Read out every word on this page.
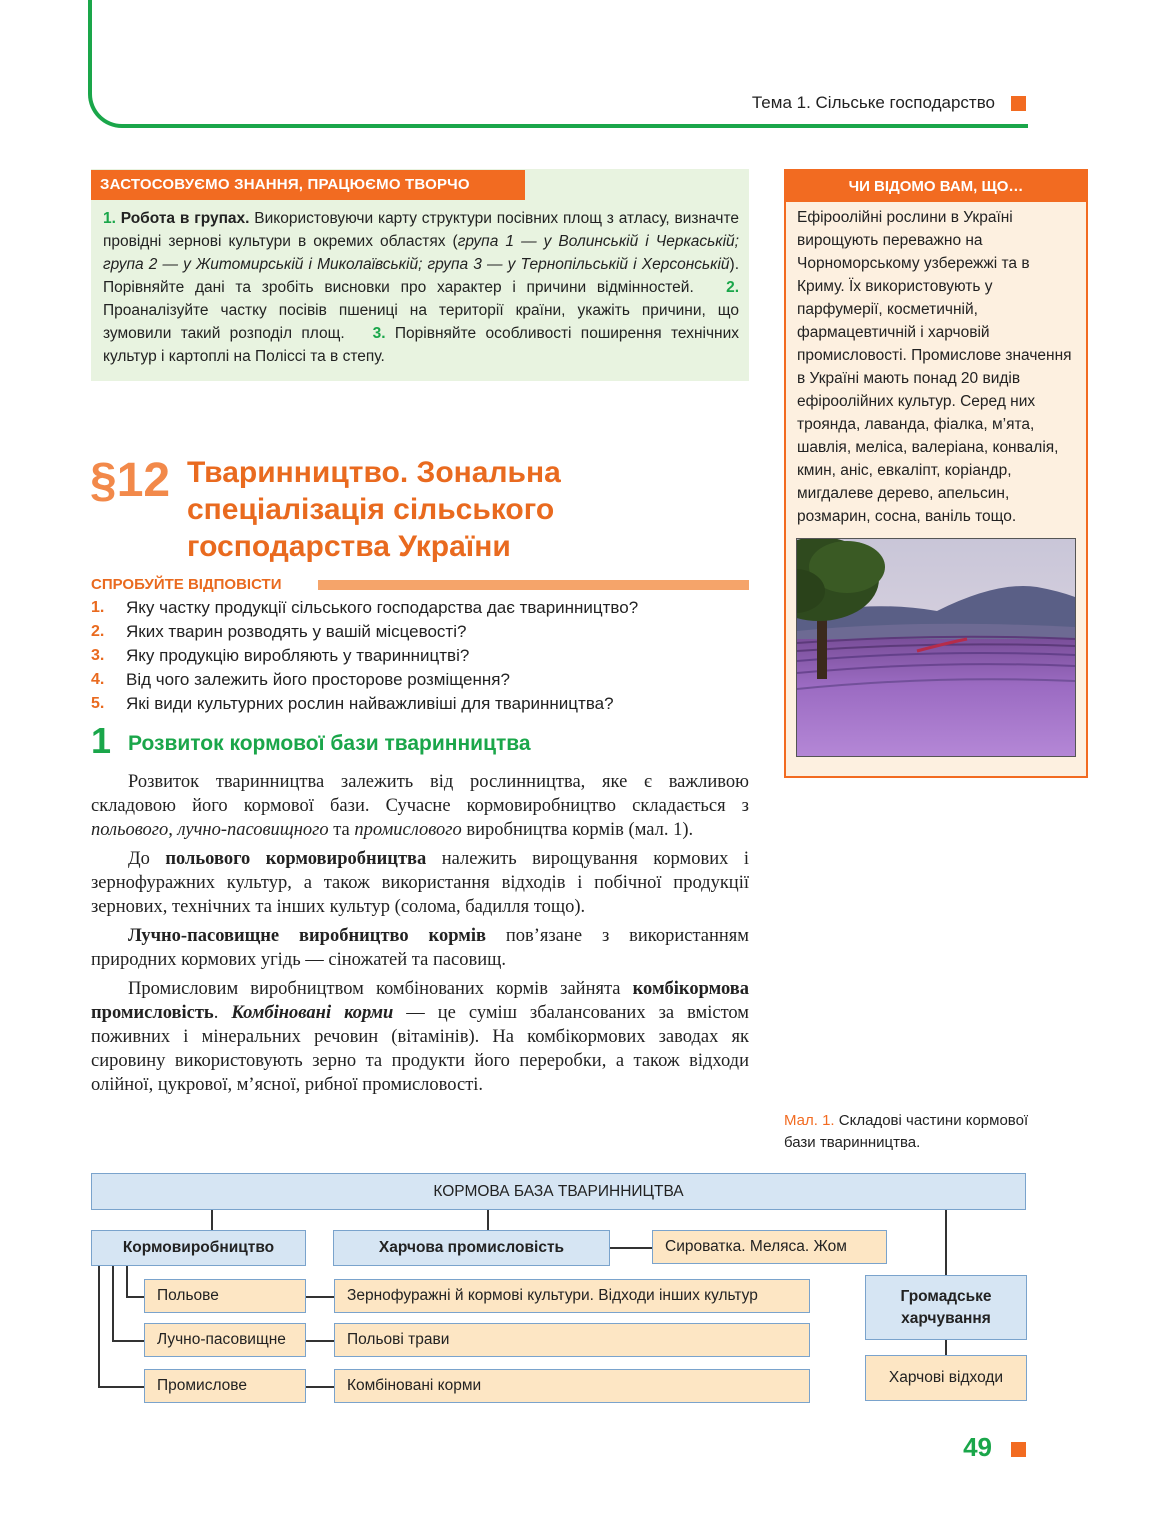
Тема 1. Сільське господарство
ЗАСТОСОВУЄМО ЗНАННЯ, ПРАЦЮЄМО ТВОРЧО
1. Робота в групах. Використовуючи карту структури посівних площ з атласу, визначте провідні зернові культури в окремих областях (група 1 — у Волинській і Черкаській; група 2 — у Житомирській і Миколаївській; група 3 — у Тернопільській і Херсонській). Порівняйте дані та зробіть висновки про характер і причини відмінностей. 2. Проаналізуйте частку посівів пшениці на території країни, укажіть причини, що зумовили такий розподіл площ. 3. Порівняйте особливості поширення технічних культур і картоплі на Поліссі та в степу.
ЧИ ВІДОМО ВАМ, ЩО…
Ефіроолійні рослини в Україні вирощують переважно на Чорноморському узбережжі та в Криму. Їх використовують у парфумерії, косметичній, фармацевтичній і харчовій промисловості. Промислове значення в Україні мають понад 20 видів ефіроолійних культур. Серед них троянда, лаванда, фіалка, м’ята, шавлія, меліса, валеріана, конвалія, кмин, аніс, евкаліпт, коріандр, мигдалеве дерево, апельсин, розмарин, сосна, ваніль тощо.
§12 Тваринництво. Зональна спеціалізація сільського господарства України
СПРОБУЙТЕ ВІДПОВІСТИ
1.	Яку частку продукції сільського господарства дає тваринництво?
2.	Яких тварин розводять у вашій місцевості?
3.	Яку продукцію виробляють у тваринництві?
4.	Від чого залежить його просторове розміщення?
5.	Які види культурних рослин найважливіші для тваринництва?
1 Розвиток кормової бази тваринництва

Розвиток тваринництва залежить від рослинництва, яке є важливою складовою його кормової бази. Сучасне кормовиробництво складається з польового, лучно-пасовищного та промислового виробництва кормів (мал. 1).

До польового кормовиробництва належить вирощування кормових і зернофуражних культур, а також використання відходів і побічної продукції зернових, технічних та інших культур (солома, бадилля тощо).

Лучно-пасовищне виробництво кормів пов’язане з використанням природних кормових угідь — сіножатей та пасовищ.

Промисловим виробництвом комбінованих кормів зайнята комбікормова промисловість. Комбіновані корми — це суміш збалансованих за вмістом поживних і мінеральних речовин (вітамінів). На комбікормових заводах як сировину використовують зерно та продукти його переробки, а також відходи олійної, цукрової, м’ясної, рибної промисловості.

Мал. 1. Складові частини кормової бази тваринництва.
КОРМОВА БАЗА ТВАРИННИЦТВА
Кормовиробництво	Харчова промисловість	Сироватка. Меляса. Жом
Громадське харчування
Польове
Лучно-пасовищне
Промислове
Зернофуражні й кормові культури. Відходи інших культур
Польові трави
Комбіновані корми	Харчові відходи
49
